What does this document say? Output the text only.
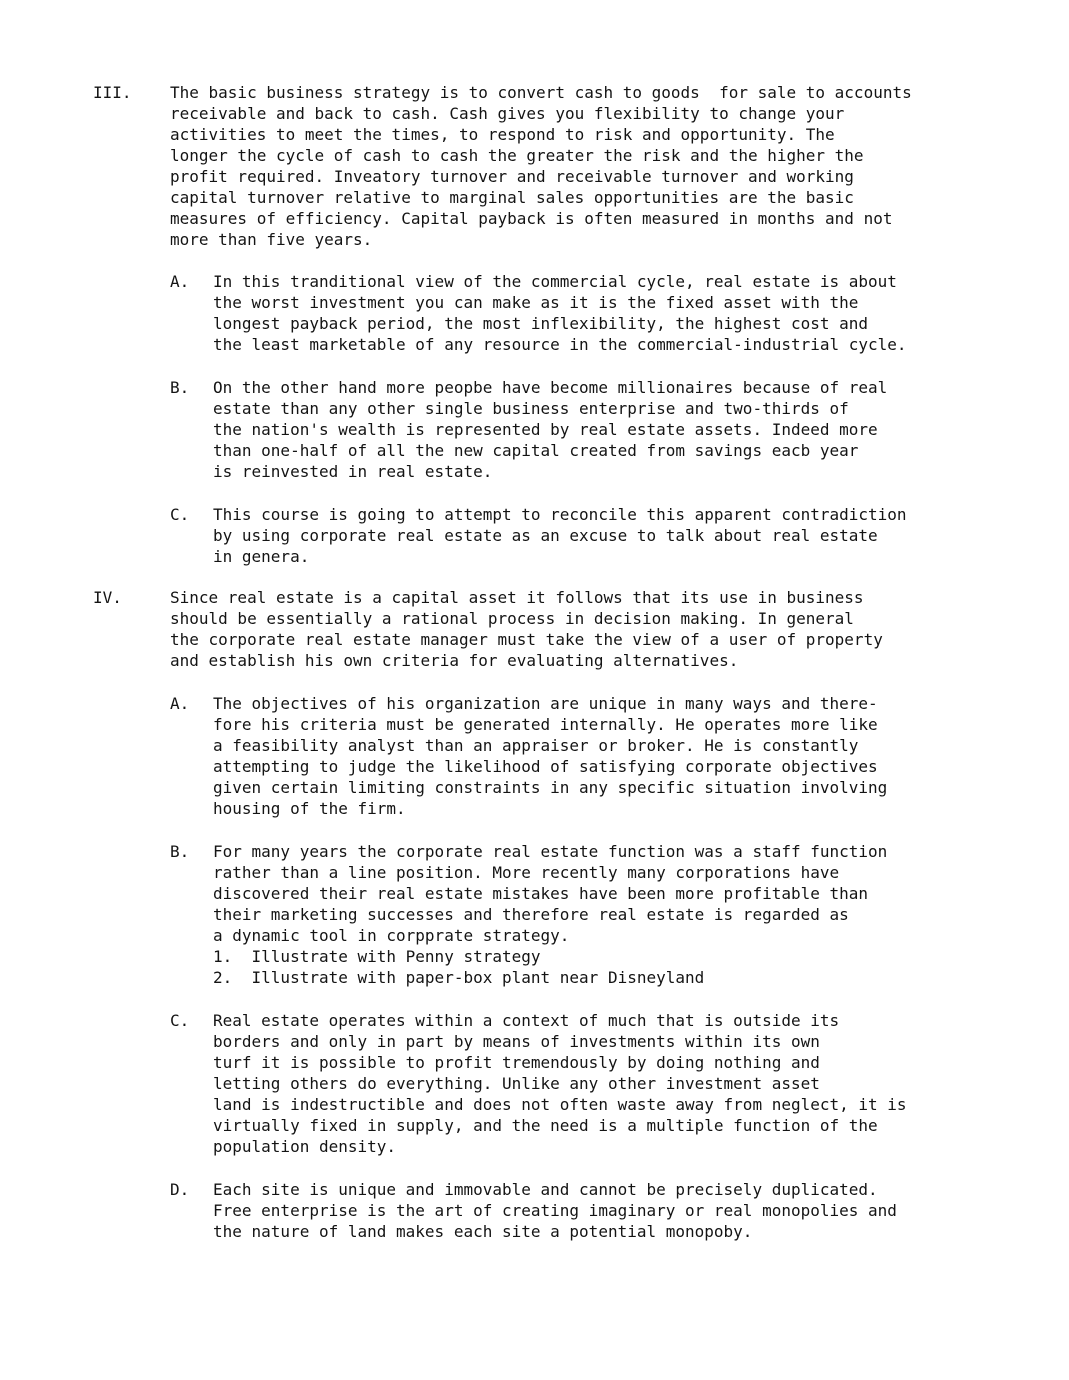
III. The basic business strategy is to convert cash to goods  for sale to accounts
receivable and back to cash. Cash gives you flexibility to change your
activities to meet the times, to respond to risk and opportunity. The
longer the cycle of cash to cash the greater the risk and the higher the
profit required. Inveatory turnover and receivable turnover and working
capital turnover relative to marginal sales opportunities are the basic
measures of efficiency. Capital payback is often measured in months and not
more than five years.
A. In this tranditional view of the commercial cycle, real estate is about
the worst investment you can make as it is the fixed asset with the
longest payback period, the most inflexibility, the highest cost and
the least marketable of any resource in the commercial-industrial cycle.
B. On the other hand more peopbe have become millionaires because of real
estate than any other single business enterprise and two-thirds of
the nation's wealth is represented by real estate assets. Indeed more
than one-half of all the new capital created from savings eacb year
is reinvested in real estate.
C. This course is going to attempt to reconcile this apparent contradiction
by using corporate real estate as an excuse to talk about real estate
in genera.
IV.	Since real estate is a capital asset it follows that its use in business
should be essentially a rational process in decision making. In general
the corporate real estate manager must take the view of a user of property
and establish his own criteria for evaluating alternatives.
A. The objectives of his organization are unique in many ways and there-
fore his criteria must be generated internally. He operates more like
a feasibility analyst than an appraiser or broker. He is constantly
attempting to judge the likelihood of satisfying corporate objectives
given certain limiting constraints in any specific situation involving
housing of the firm.
B. For many years the corporate real estate function was a staff function
rather than a line position. More recently many corporations have
discovered their real estate mistakes have been more profitable than
their marketing successes and therefore real estate is regarded as
a dynamic tool in corpprate strategy.
1.  Illustrate with Penny strategy
2.  Illustrate with paper-box plant near Disneyland
C. Real estate operates within a context of much that is outside its
borders and only in part by means of investments within its own
turf it is possible to profit tremendously by doing nothing and
letting others do everything. Unlike any other investment asset
land is indestructible and does not often waste away from neglect, it is
virtually fixed in supply, and the need is a multiple function of the
population density.
D. Each site is unique and immovable and cannot be precisely duplicated.
Free enterprise is the art of creating imaginary or real monopolies and
the nature of land makes each site a potential monopoby.
